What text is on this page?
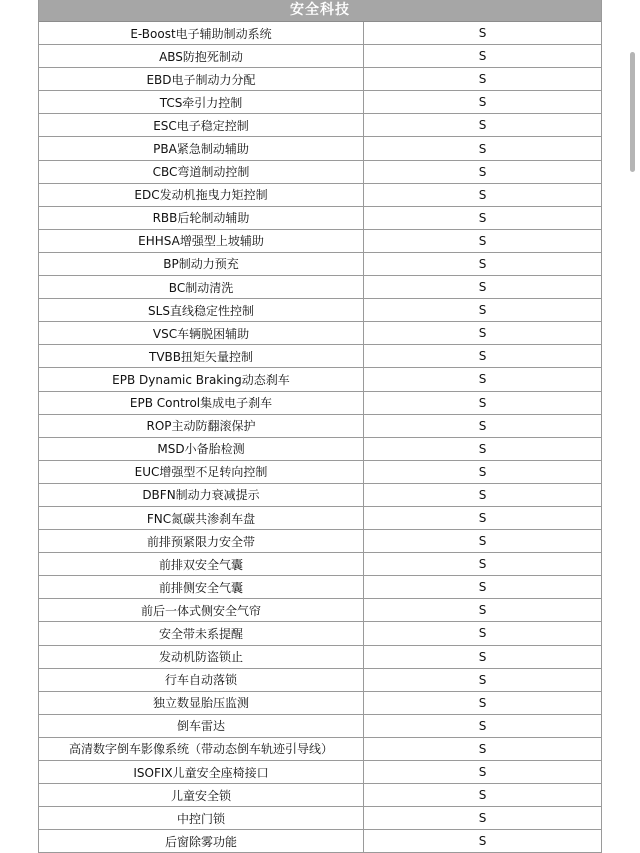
安全科技
E-Boost电子辅助制动系统	S
ABS防抱死制动	S
EBD电子制动力分配	S
TCS牵引力控制	S
ESC电子稳定控制	S
PBA紧急制动辅助	S
CBC弯道制动控制	S
EDC发动机拖曳力矩控制	S
RBB后轮制动辅助	S
EHHSA增强型上坡辅助	S
BP制动力预充	S
BC制动清洗	S
SLS直线稳定性控制	S
VSC车辆脱困辅助	S
TVBB扭矩矢量控制	S
EPB Dynamic Braking动态刹车	S
EPB Control集成电子刹车	S
ROP主动防翻滚保护	S
MSD小备胎检测	S
EUC增强型不足转向控制	S
DBFN制动力衰减提示	S
FNC氮碳共渗刹车盘	S
前排预紧限力安全带	S
前排双安全气囊	S
前排侧安全气囊	S
前后一体式侧安全气帘	S
安全带未系提醒	S
发动机防盗锁止	S
行车自动落锁	S
独立数显胎压监测	S
倒车雷达	S
高清数字倒车影像系统（带动态倒车轨迹引导线）	S
ISOFIX儿童安全座椅接口	S
儿童安全锁	S
中控门锁	S
后窗除雾功能	S
